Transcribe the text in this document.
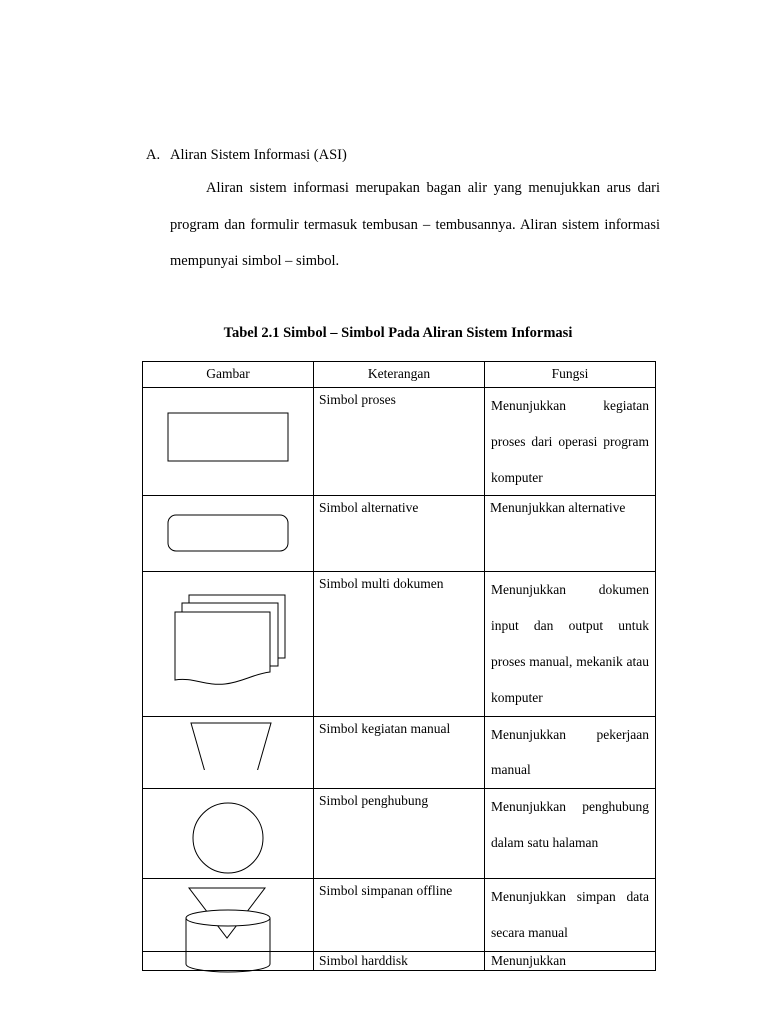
A. Aliran Sistem Informasi (ASI)
Aliran sistem informasi merupakan bagan alir yang menujukkan arus dari program dan formulir termasuk tembusan – tembusannya. Aliran sistem informasi mempunyai simbol – simbol.
Tabel 2.1 Simbol – Simbol Pada Aliran Sistem Informasi
Gambar	Keterangan	Fungsi

	Simbol proses	Menunjukkan kegiatan proses dari operasi program komputer

	Simbol alternative	Menunjukkan alternative

	Simbol multi dokumen	Menunjukkan dokumen input dan output untuk proses manual, mekanik atau komputer

	Simbol kegiatan manual	Menunjukkan pekerjaan manual

	Simbol penghubung	Menunjukkan penghubung dalam satu halaman

	Simbol simpanan offline	Menunjukkan simpan data secara manual
	Simbol harddisk	Menunjukkan
